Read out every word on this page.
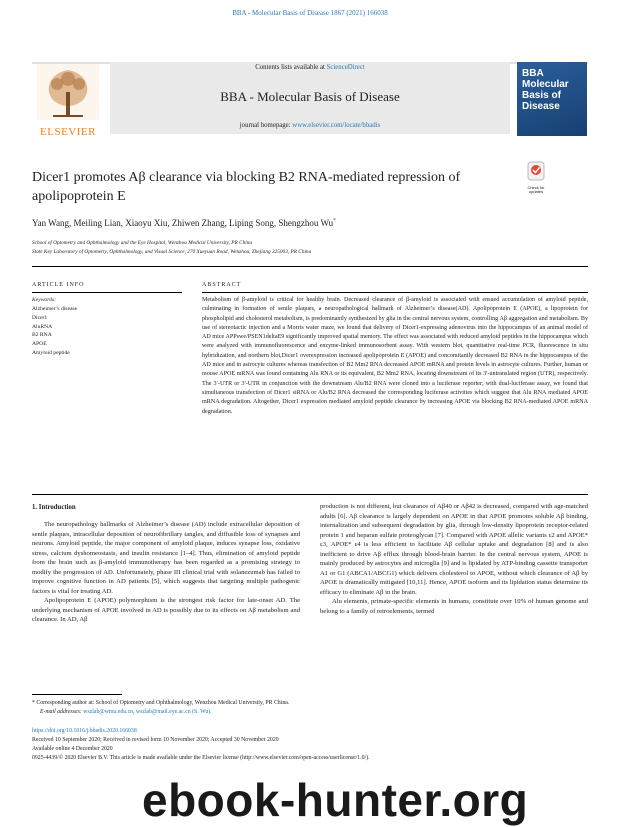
BBA - Molecular Basis of Disease 1867 (2021) 166038
ELSEVIER
Contents lists available at ScienceDirect
BBA - Molecular Basis of Disease
journal homepage: www.elsevier.com/locate/bbadis
BBA Molecular Basis of Disease
Dicer1 promotes Aβ clearance via blocking B2 RNA-mediated repression of apolipoprotein E
Check for updates
Yan Wang, Meiling Lian, Xiaoyu Xiu, Zhiwen Zhang, Liping Song, Shengzhou Wu*
School of Optometry and Ophthalmology and the Eye Hospital, Wenzhou Medical University, PR China
State Key Laboratory of Optometry, Ophthalmology, and Visual Science, 270 Xueyuan Road, Wenzhou, Zhejiang 325003, PR China
ARTICLE INFO
Keywords:
Alzheimer’s disease
Dicer1
AluRNA
B2 RNA
APOE
Amyloid peptide
ABSTRACT
Metabolism of β-amyloid is critical for healthy brain. Decreased clearance of β-amyloid is associated with ensued accumulation of amyloid peptide, culminating in formation of senile plaques, a neuropathological hallmark of Alzheimer’s disease(AD). Apolipoprotein E (APOE), a lipoprotein for phospholipid and cholesterol metabolism, is predominantly synthesized by glia in the central nervous system, controlling Aβ aggregation and metabolism. By use of stereotactic injection and a Morris water maze, we found that delivery of Dicer1-expressing adenovirus into the hippocampus of an animal model of AD mice APPswe/PSEN1deltaE9 significantly improved spatial memory. The effect was associated with reduced amyloid peptides in the hippocampus which were analyzed with immunofluorescence and enzyme-linked immunosorbent assay. With western blot, quantitative real-time PCR, fluorescence in situ hybridization, and northern blot,Dicer1 overexpression increased apolipoprotein E (APOE) and concomitantly decreased B2 RNA in the hippocampus of the AD mice and in astrocyte cultures whereas transfection of B2 Mm2 RNA decreased APOE mRNA and protein levels in astrocyte cultures. Further, human or mouse APOE mRNA was found containing Alu RNA or its equivalent, B2 Mm2 RNA, locating downstream of its 3′-untranslated region (UTR), respectively. The 3′-UTR or 3′-UTR in conjunction with the downstream Alu/B2 RNA were cloned into a luciferase reporter; with dual-luciferase assay, we found that simultaneous transfection of Dicer1 siRNA or Alu/B2 RNA decreased the corresponding luciferase activities which suggest that Alu RNA mediated APOE mRNA degradation. Altogether, Dicer1 expression mediated amyloid peptide clearance by increasing APOE via blocking B2 RNA-mediated APOE mRNA degradation.
1. Introduction

The neuropathology hallmarks of Alzheimer’s disease (AD) include extracellular deposition of senile plaques, intracellular deposition of neurofibrillary tangles, and diffusible loss of synapses and neurons. Amyloid peptide, the major component of amyloid plaque, induces synapse loss, oxidative stress, calcium dyshomeostasis, and insulin resistance [1–4]. Thus, elimination of amyloid peptide from the brain such as β-amyloid immunotherapy has been regarded as a promising strategy to modify the progression of AD. Unfortunately, phase III clinical trial with solanezumab has failed to improve cognitive function in AD patients [5], which suggests that targeting multiple pathogenic factors is vital for treating AD.

Apolipoprotein E (APOE) polymorphism is the strongest risk factor for late-onset AD. The underlying mechanism of APOE involved in AD is possibly due to its effects on Aβ metabolism and clearance. In AD, Aβ

production is not different, but clearance of Aβ40 or Aβ42 is decreased, compared with age-matched adults [6]. Aβ clearance is largely dependent on APOE in that APOE promotes soluble Aβ binding, internalization and subsequent degradation by glia, through low-density lipoprotein receptor-related protein 1 and heparan sulfate proteoglycan [7]. Compared with APOE allelic variants ε2 and APOE* ε3, APOE* ε4 is less efficient to facilitate Aβ cellular uptake and degradation [8] and is also inefficient to drive Aβ efflux through blood-brain barrier. In the central nervous system, APOE is mainly produced by astrocytes and microglia [9] and is lipidated by ATP-binding cassette transporter A1 or G1 (ABCA1/ABCG1) which delivers cholesterol to APOE, without which clearance of Aβ by APOE is dramatically mitigated [10,11]. Hence, APOE isoform and its lipidation status determine its efficacy to eliminate Aβ in the brain.

Alu elements, primate-specific elements in humans, constitute over 10% of human genome and belong to a family of retroelements, termed

* Corresponding author at: School of Optometry and Ophthalmology, Wenzhou Medical University, PR China.
E-mail addresses: wszlab@wmu.edu.cn, wszlab@mail.eye.ac.cn (S. Wu).
https://doi.org/10.1016/j.bbadis.2020.166038
Received 10 September 2020; Received in revised form 10 November 2020; Accepted 30 November 2020
Available online 4 December 2020
0925-4439/© 2020 Elsevier B.V. This article is made available under the Elsevier license (http://www.elsevier.com/open-access/userlicense/1.0/).
ebook-hunter.org
